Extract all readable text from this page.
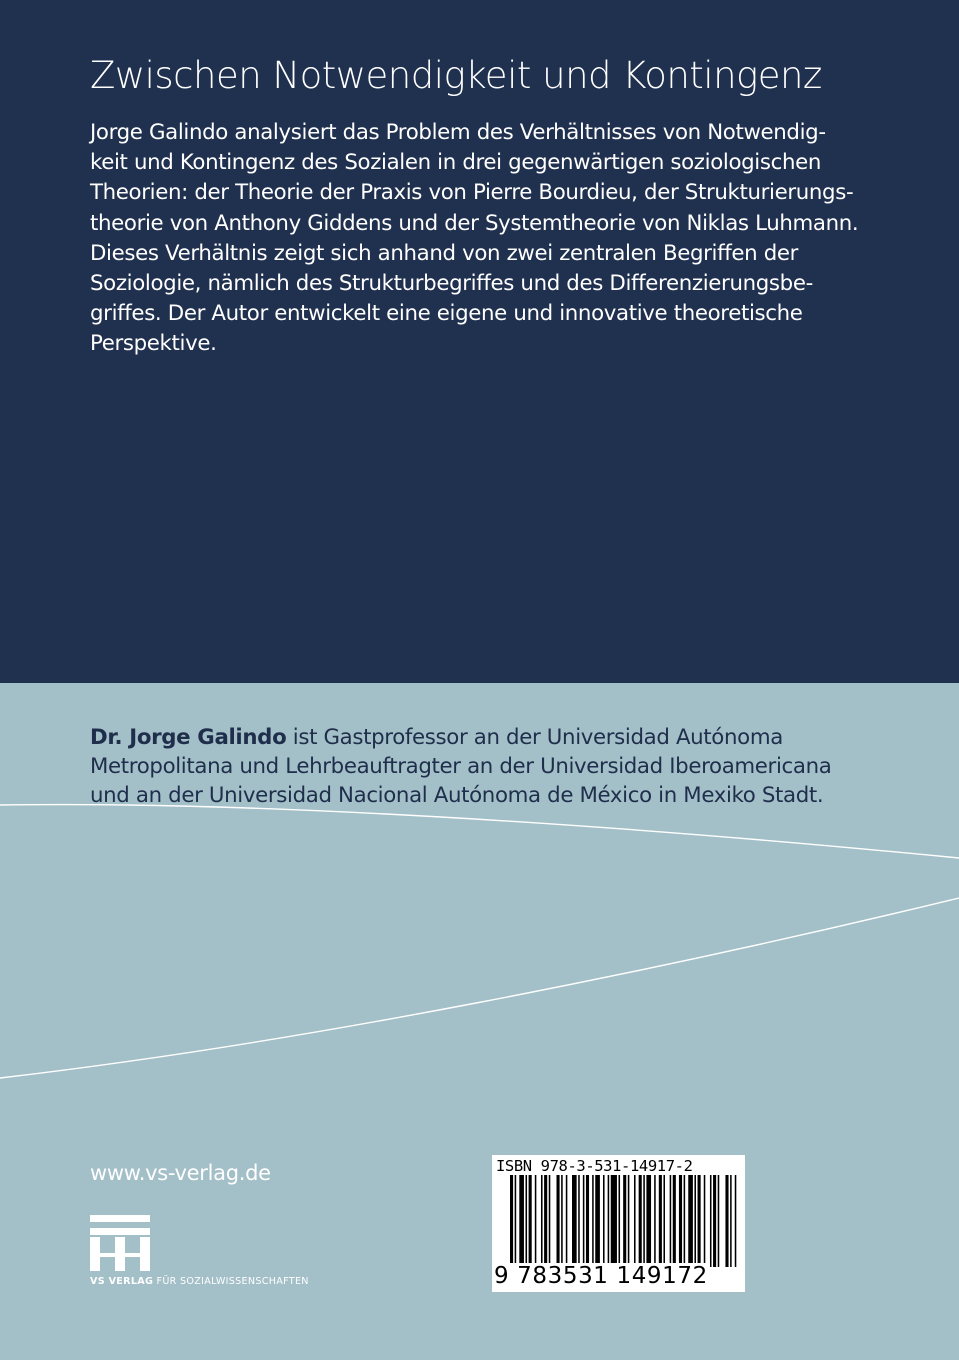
Zwischen Notwendigkeit und Kontingenz
Jorge Galindo analysiert das Problem des Verhältnisses von Notwendig-
keit und Kontingenz des Sozialen in drei gegenwärtigen soziologischen
Theorien: der Theorie der Praxis von Pierre Bourdieu, der Strukturierungs-
theorie von Anthony Giddens und der Systemtheorie von Niklas Luhmann.
Dieses Verhältnis zeigt sich anhand von zwei zentralen Begriffen der
Soziologie, nämlich des Strukturbegriffes und des Differenzierungsbe-
griffes. Der Autor entwickelt eine eigene und innovative theoretische
Perspektive.
Dr. Jorge Galindo ist Gastprofessor an der Universidad Autónoma
Metropolitana und Lehrbeauftragter an der Universidad Iberoamericana
und an der Universidad Nacional Autónoma de México in Mexiko Stadt.
www.vs-verlag.de
VS VERLAG FÜR SOZIALWISSENSCHAFTEN
ISBN 978-3-531-14917-2
9 783531 149172
